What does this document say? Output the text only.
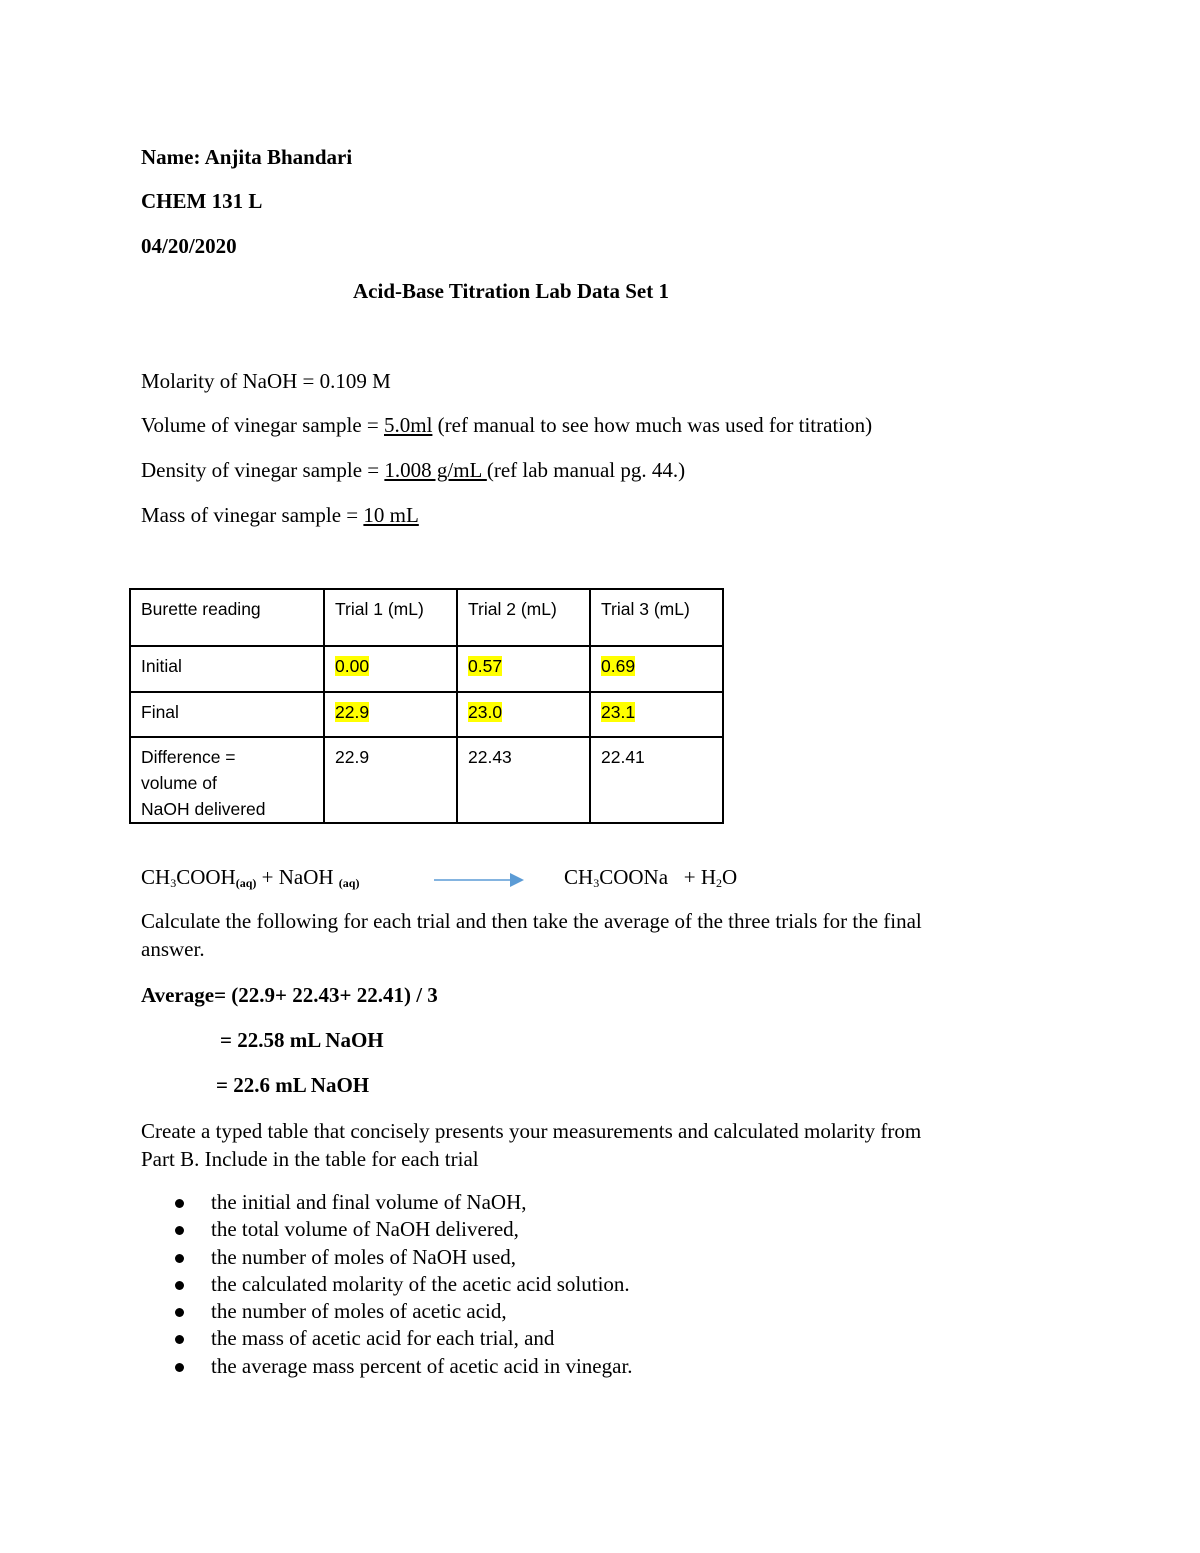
Name: Anjita Bhandari
CHEM 131 L
04/20/2020
Acid-Base Titration Lab Data Set 1
Molarity of NaOH = 0.109 M
Volume of vinegar sample = 5.0ml (ref manual to see how much was used for titration)
Density of vinegar sample = 1.008 g/mL (ref lab manual pg. 44.)
Mass of vinegar sample = 10 mL
Burette reading	Trial 1 (mL)	Trial 2 (mL)	Trial 3 (mL)
Initial	0.00	0.57	0.69
Final	22.9	23.0	23.1

Difference =
volume of
NaOH delivered	22.9	22.43	22.41
$CH_3COOH_{(aq)}$ + NaOH $_{(aq)}$	$CH_3COONa + H_2O$
Calculate the following for each trial and then take the average of the three trials for the final
answer.
Average= (22.9+ 22.43+ 22.41) / 3
= 22.58 mL NaOH
= 22.6 mL NaOH
Create a typed table that concisely presents your measurements and calculated molarity from
Part B. Include in the table for each trial
the initial and final volume of NaOH,
the total volume of NaOH delivered,
the number of moles of NaOH used,
the calculated molarity of the acetic acid solution.
the number of moles of acetic acid,
the mass of acetic acid for each trial, and
the average mass percent of acetic acid in vinegar.
